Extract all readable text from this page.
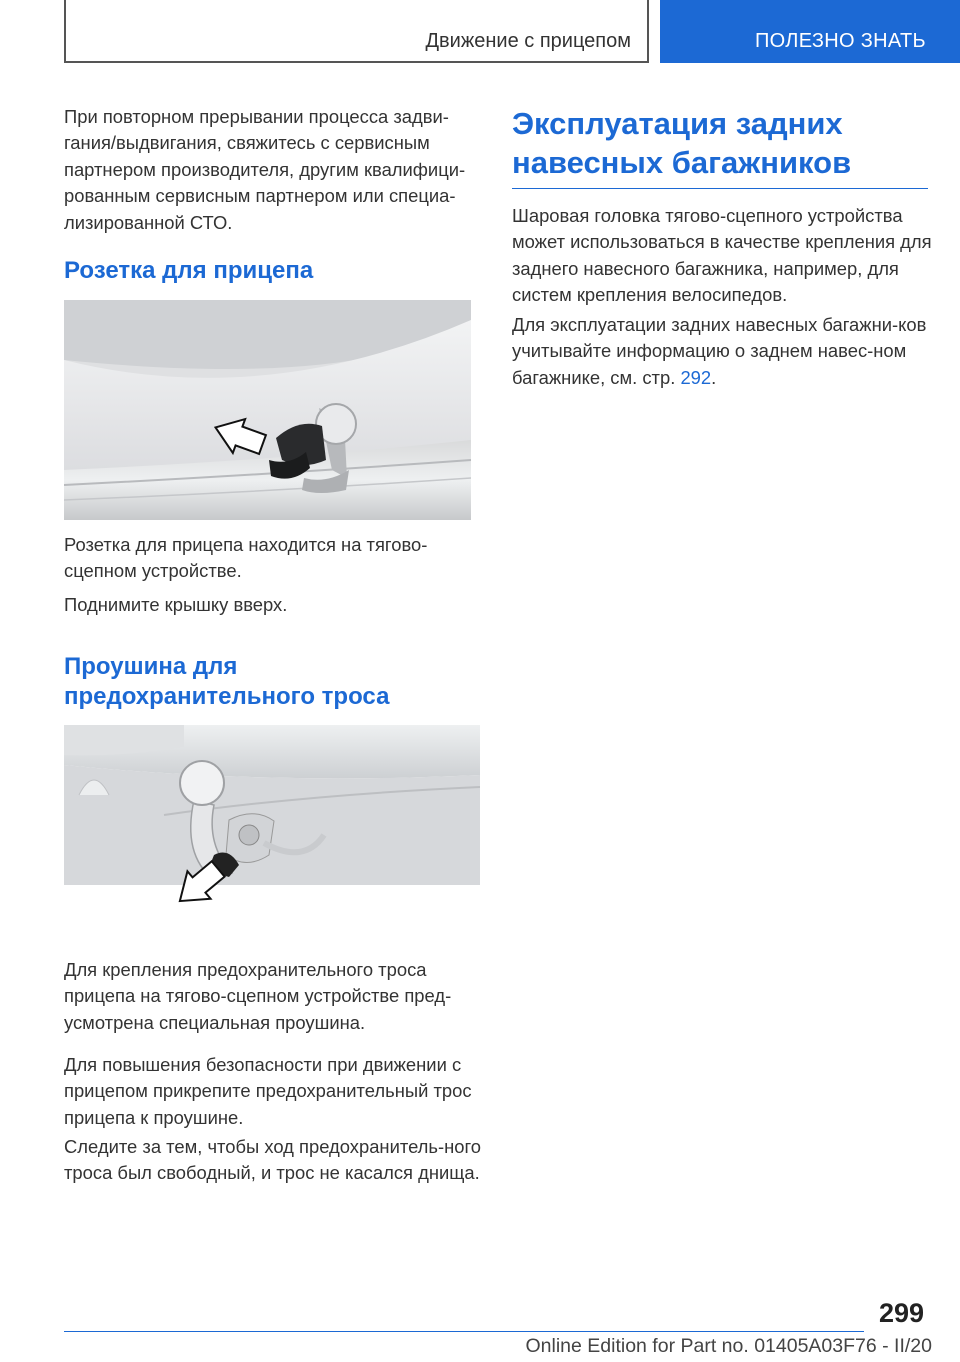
Движение с прицепом	ПОЛЕЗНО ЗНАТЬ

При повторном прерывании процесса задви-гания/выдвигания, свяжитесь с сервисным партнером производителя, другим квалифици-рованным сервисным партнером или специа-лизированной СТО.

Розетка для прицепа

Розетка для прицепа находится на тягово-сцепном устройстве.

Поднимите крышку вверх.

Проушина для предохранительного троса

Для крепления предохранительного троса прицепа на тягово-сцепном устройстве пред-усмотрена специальная проушина.

Для повышения безопасности при движении с прицепом прикрепите предохранительный трос прицепа к проушине.

Следите за тем, чтобы ход предохранитель-ного троса был свободный, и трос не касался днища.

Эксплуатация задних навесных багажников

Шаровая головка тягово-сцепного устройства может использоваться в качестве крепления для заднего навесного багажника, например, для систем крепления велосипедов.

Для эксплуатации задних навесных багажни-ков учитывайте информацию о заднем навес-ном багажнике, см. стр. 292.

299
Online Edition for Part no. 01405A03F76 - II/20
